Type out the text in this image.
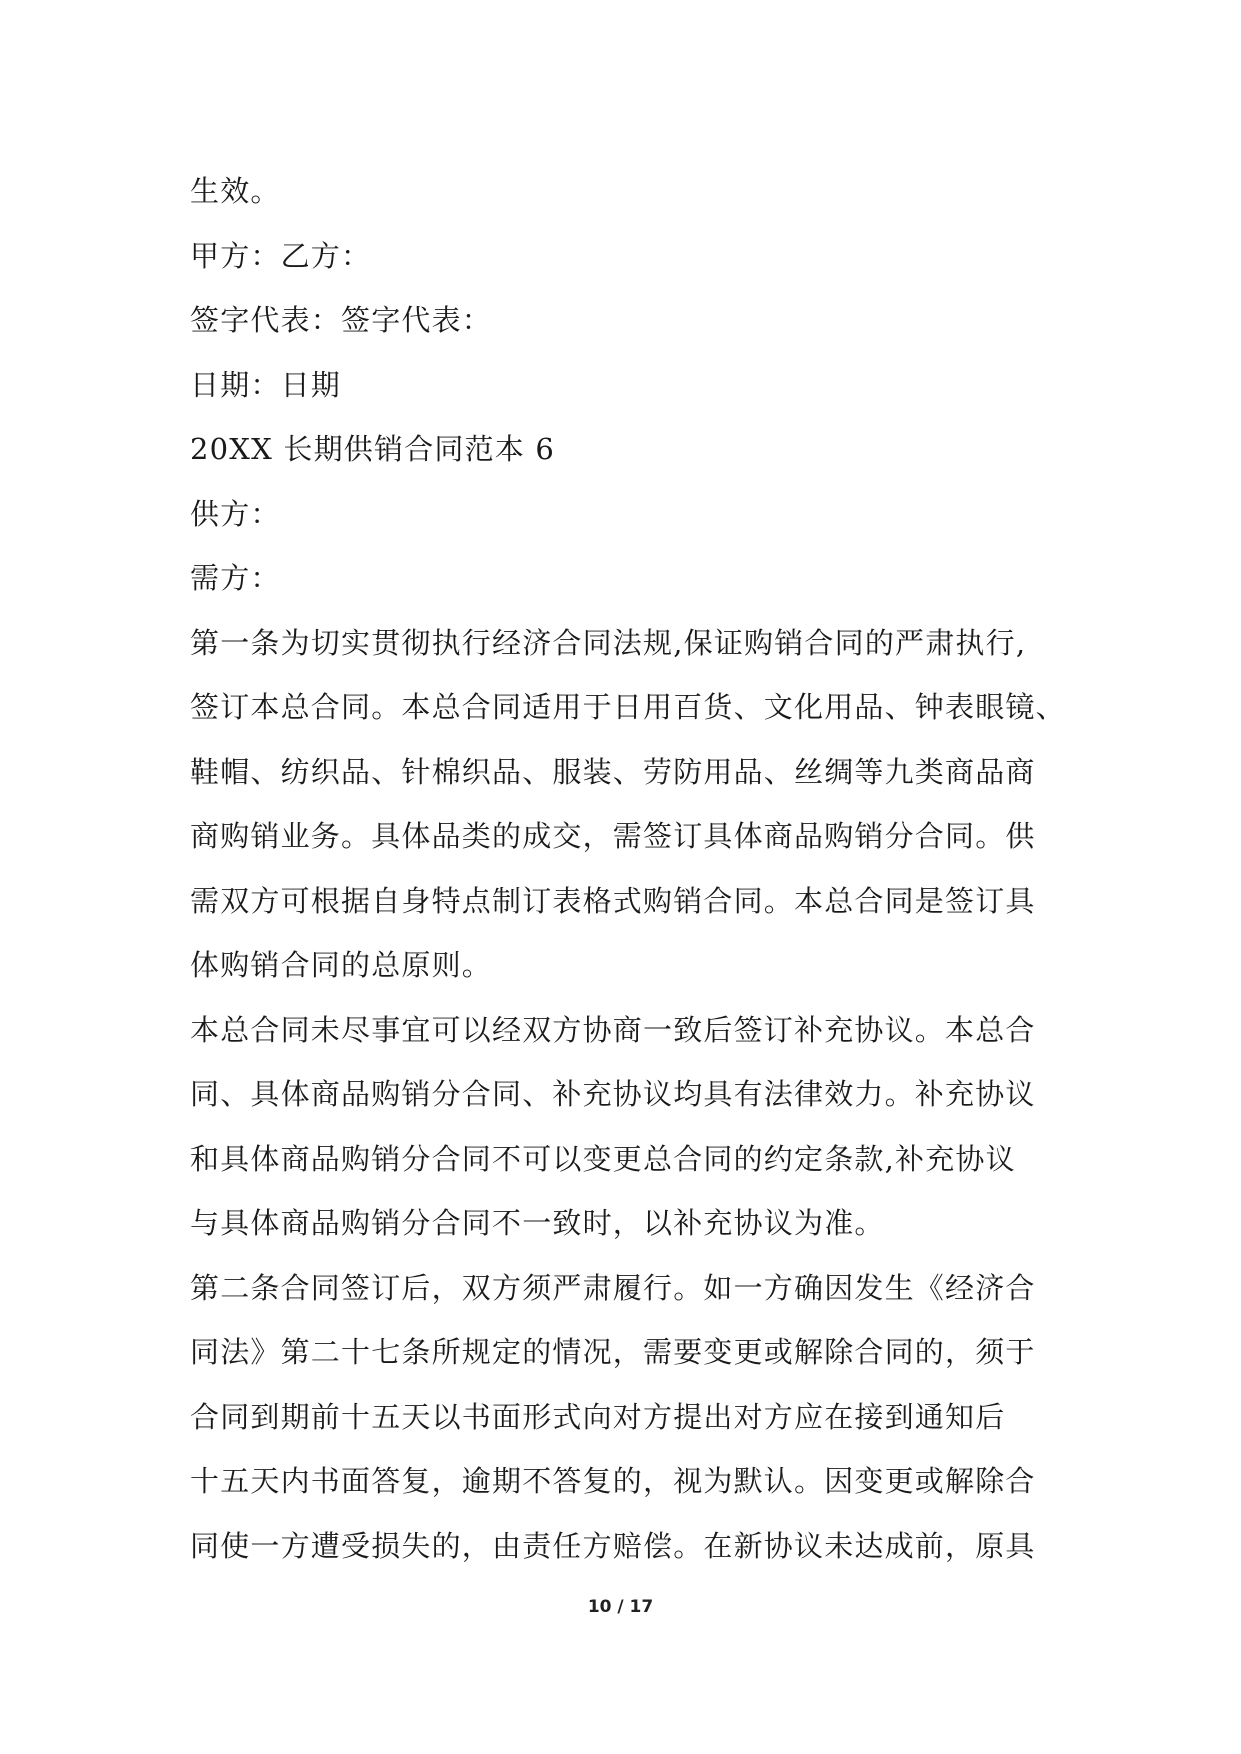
生效。
甲方：乙方：
签字代表：签字代表：
日期：日期
20XX 长期供销合同范本 6
供方：
需方：
第一条为切实贯彻执行经济合同法规,保证购销合同的严肃执行,
签订本总合同。本总合同适用于日用百货、文化用品、钟表眼镜、
鞋帽、纺织品、针棉织品、服装、劳防用品、丝绸等九类商品商
商购销业务。具体品类的成交，需签订具体商品购销分合同。供
需双方可根据自身特点制订表格式购销合同。本总合同是签订具
体购销合同的总原则。
本总合同未尽事宜可以经双方协商一致后签订补充协议。本总合
同、具体商品购销分合同、补充协议均具有法律效力。补充协议
和具体商品购销分合同不可以变更总合同的约定条款,补充协议
与具体商品购销分合同不一致时，以补充协议为准。
第二条合同签订后，双方须严肃履行。如一方确因发生《经济合
同法》第二十七条所规定的情况，需要变更或解除合同的，须于
合同到期前十五天以书面形式向对方提出对方应在接到通知后
十五天内书面答复，逾期不答复的，视为默认。因变更或解除合
同使一方遭受损失的，由责任方赔偿。在新协议未达成前，原具
10 / 17
